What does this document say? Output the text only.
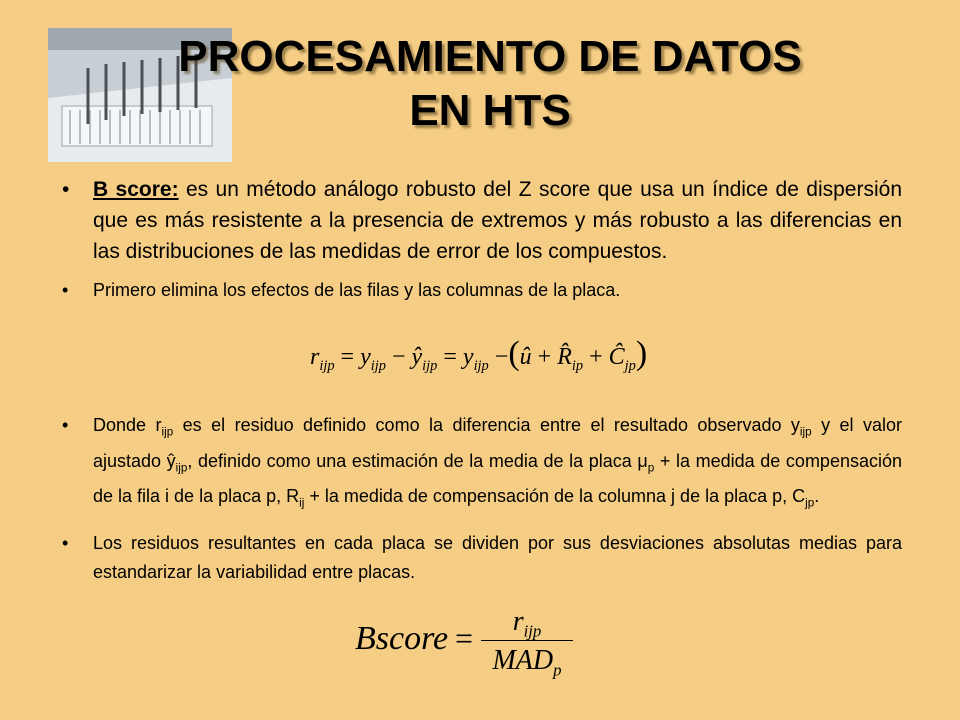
PROCESAMIENTO DE DATOS
EN HTS
• B score: es un método análogo robusto del Z score que usa un índice de dispersión que es más resistente a la presencia de extremos y más robusto a las diferencias en las distribuciones de las medidas de error de los compuestos.
• Primero elimina los efectos de las filas y las columnas de la placa.
$r_{ijp} = y_{ijp}$ − $ŷ_{ijp} = y_{ijp}$ −(û + $R̂_{ip}$ + $Ĉ_{jp}$)
• Donde $r_{ijp}$ es el residuo definido como la diferencia entre el resultado observado $y_{ijp}$ y el valor ajustado $ŷ_{ijp}$, definido como una estimación de la media de la placa $\mu_p$ + la medida de compensación de la fila i de la placa p, $R_{ij}$ + la medida de compensación de la columna j de la placa p, $C_{jp}$.
• Los residuos resultantes en cada placa se dividen por sus desviaciones absolutas medias para estandarizar la variabilidad entre placas.
Bscore =	$r_{ijp}$
$MAD_p$
